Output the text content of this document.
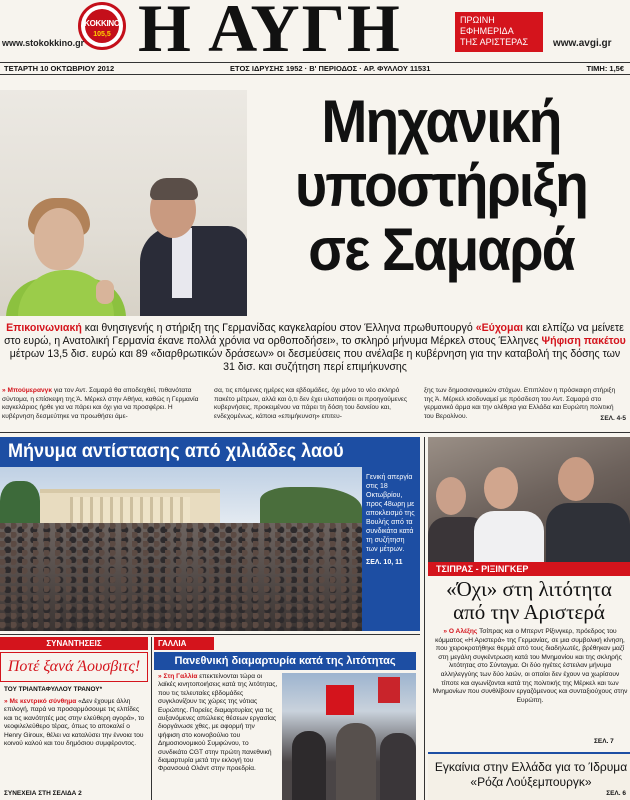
KOKKINO
105,5
www.stokokkino.gr Η ΑΥΓΗ	ΠΡΩΙΝΗ
ΕΦΗΜΕΡΙΔΑ
ΤΗΣ ΑΡΙΣΤΕΡΑΣ	www.avgi.gr
ΤΕΤΑΡΤΗ 10 ΟΚΤΩΒΡΙΟΥ 2012	ΕΤΟΣ ΙΔΡΥΣΗΣ 1952 · Β' ΠΕΡΙΟΔΟΣ · ΑΡ. ΦΥΛΛΟΥ 11531	ΤΙΜΗ: 1,5€
Μηχανική
υποστήριξη
σε Σαμαρά
Επικοινωνιακή και θνησιγενής η στήριξη της Γερμανίδας καγκελαρίου στον Έλληνα πρωθυπουργό «Εύχομαι και ελπίζω να μείνετε στο ευρώ, η Ανατολική Γερμανία έκανε πολλά χρόνια να ορθοποδήσει», το σκληρό μήνυμα Μέρκελ στους Έλληνες Ψήφιση πακέτου μέτρων 13,5 δισ. ευρώ και 89 «διαρθρωτικών δράσεων» οι δεσμεύσεις που ανέλαβε η κυβέρνηση για την καταβολή της δόσης των 31 δισ. και συζήτηση περί επιμήκυνσης
» Μπούμερανγκ για τον Αντ. Σαμαρά θα αποδειχθεί, πιθανότατα σύντομα, η επίσκεψη της Ά. Μέρκελ στην Αθήνα, καθώς η Γερμανία καγκελάριος ήρθε για να πάρει και όχι για να προσφέρει. Η κυβέρνηση δεσμεύτηκε να προωθήσει άμε-
σα, τις επόμενες ημέρες και εβδομάδες, όχι μόνο το νέο σκληρό πακέτο μέτρων, αλλά και ό,τι δεν έχει υλοποιήσει οι προηγούμενες κυβερνήσεις, προκειμένου να πάρει τη δόση του δανείου και, ενδεχομένως, κάποια «επιμήκυνση» επιτευ-
ξης των δημοσιονομικών στόχων. Επιπλέον η πρόσκαιρη στήριξη της Ά. Μέρκελ ισοδυναμεί με πρόσδεση του Αντ. Σαμαρά στο γερμανικό άρμα και την ολέθρια για Ελλάδα και Ευρώπη πολιτική του Βερολίνου.	ΣΕΛ. 4-5
Μήνυμα αντίστασης από χιλιάδες λαού
Γενική απεργία στις 18 Οκτωβρίου, προς 48ωρη με αποκλεισμό της Βουλής από τα συνδικάτα κατά τη συζήτηση των μέτρων.
ΣΕΛ. 10, 11
ΤΣΙΠΡΑΣ - ΡΙΞΙΝΓΚΕΡ
«Όχι» στη λιτότητα
από την Αριστερά
» Ο Αλέξης Τσίπρας και ο Μπερντ Ρίξινγκερ, πρόεδρος του κόμματος «Η Αριστερά» της Γερμανίας, σε μια συμβολική κίνηση, που χειροκροτήθηκε θερμά από τους διαδηλωτές, βρέθηκαν μαζί στη μεγάλη συγκέντρωση κατά του Μνημονίου και της σκληρής λιτότητας στο Σύνταγμα. Οι δύο ηγέτες έστειλαν μήνυμα αλληλεγγύης των δύο λαών, οι οποίοι δεν έχουν να χωρίσουν τίποτε και αγωνίζονται κατά της πολιτικής της Μέρκελ και των Μνημονίων που συνθλίβουν εργαζόμενους και συνταξιούχους στην Ευρώπη.
ΣΕΛ. 7
ΣΥΝΑΝΤΗΣΕΙΣ
Ποτέ ξανά Άουσβιτς!
ΤΟΥ ΤΡΙΑΝΤΑΦΥΛΛΟΥ ΤΡΑΝΟΥ*
» Με κεντρικό σύνθημα «Δεν έχουμε άλλη επιλογή, παρά να προσαρμόσουμε τις ελπίδες και τις ικανότητές μας στην ελεύθερη αγορά», το νεοφιλελεύθερο τέρας, όπως το αποκαλεί ο Henry Giroux, θέλει να καταλύσει την έννοια του κοινού καλού και του δημόσιου συμφέροντος.
ΣΥΝΕΧΕΙΑ ΣΤΗ ΣΕΛΙΔΑ 2
ΓΑΛΛΙΑ
Πανεθνική διαμαρτυρία κατά της λιτότητας
» Στη Γαλλία επεκτείνονται τώρα οι λαϊκές κινητοποιήσεις κατά της λιτότητας, που τις τελευταίες εβδομάδες συγκλονίζουν τις χώρες της νότιας Ευρώπης. Πορείες διαμαρτυρίας για τις αυξανόμενες απώλειες θέσεων εργασίας διοργάνωσε χθες, με αφορμή την ψήφιση στο κοινοβούλιο του Δημοσιονομικού Συμφώνου, το συνδικάτο CGT στην πρώτη πανεθνική διαμαρτυρία μετά την εκλογή του Φρανσουά Ολάντ στην προεδρία.	Εγκαίνια στην Ελλάδα για το Ίδρυμα «Ρόζα Λούξεμπουργκ»
ΣΕΛ. 6
